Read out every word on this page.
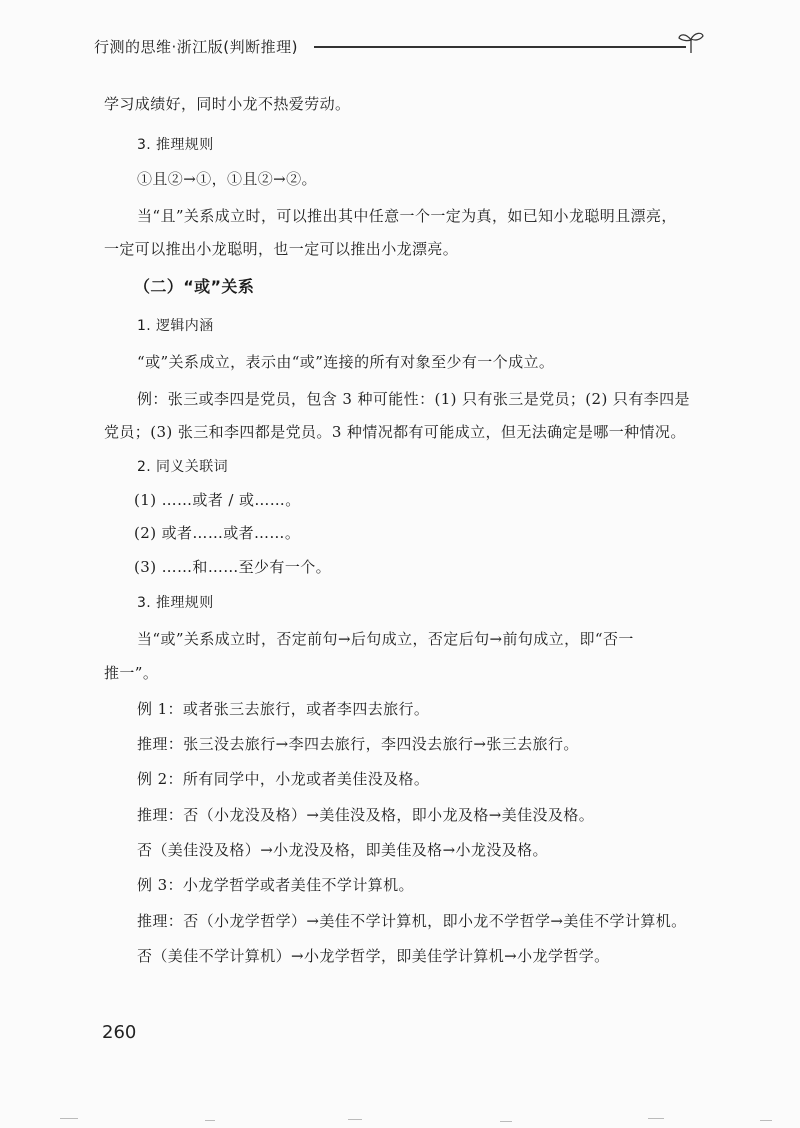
行测的思维·浙江版(判断推理)
学习成绩好，同时小龙不热爱劳动。
3. 推理规则
①且②→①，①且②→②。
当“且”关系成立时，可以推出其中任意一个一定为真，如已知小龙聪明且漂亮，
一定可以推出小龙聪明，也一定可以推出小龙漂亮。
（二）“或”关系
1. 逻辑内涵
“或”关系成立，表示由“或”连接的所有对象至少有一个成立。
例：张三或李四是党员，包含 3 种可能性：(1) 只有张三是党员；(2) 只有李四是
党员；(3) 张三和李四都是党员。3 种情况都有可能成立，但无法确定是哪一种情况。
2. 同义关联词
(1) ……或者 / 或……。
(2) 或者……或者……。
(3) ……和……至少有一个。
3. 推理规则
当“或”关系成立时，否定前句→后句成立，否定后句→前句成立，即“否一
推一”。
例 1：或者张三去旅行，或者李四去旅行。
推理：张三没去旅行→李四去旅行，李四没去旅行→张三去旅行。
例 2：所有同学中，小龙或者美佳没及格。
推理：否（小龙没及格）→美佳没及格，即小龙及格→美佳没及格。
否（美佳没及格）→小龙没及格，即美佳及格→小龙没及格。
例 3：小龙学哲学或者美佳不学计算机。
推理：否（小龙学哲学）→美佳不学计算机，即小龙不学哲学→美佳不学计算机。
否（美佳不学计算机）→小龙学哲学，即美佳学计算机→小龙学哲学。
260
